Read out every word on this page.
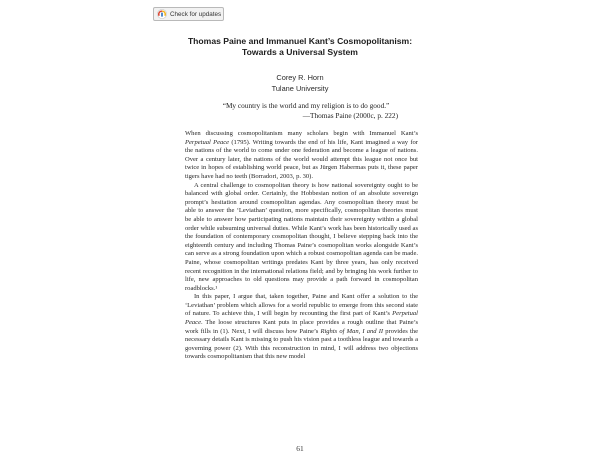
Check for updates
Thomas Paine and Immanuel Kant’s Cosmopolitanism:
Towards a Universal System
Corey R. Horn
Tulane University
“My country is the world and my religion is to do good.”
—Thomas Paine (2000c, p. 222)

When discussing cosmopolitanism many scholars begin with Immanuel Kant’s Perpetual Peace (1795). Writing towards the end of his life, Kant imagined a way for the nations of the world to come under one federation and become a league of nations. Over a century later, the nations of the world would attempt this league not once but twice in hopes of establishing world peace, but as Jürgen Habermas puts it, these paper tigers have had no teeth (Borradori, 2003, p. 30).

A central challenge to cosmopolitan theory is how national sovereignty ought to be balanced with global order. Certainly, the Hobbesian notion of an absolute sovereign prompt’s hesitation around cosmopolitan agendas. Any cosmopolitan theory must be able to answer the ‘Leviathan’ question, more specifically, cosmopolitan theories must be able to answer how participating nations maintain their sovereignty within a global order while subsuming universal duties. While Kant’s work has been historically used as the foundation of contemporary cosmopolitan thought, I believe stepping back into the eighteenth century and including Thomas Paine’s cosmopolitan works alongside Kant’s can serve as a strong foundation upon which a robust cosmopolitan agenda can be made. Paine, whose cosmopolitan writings predates Kant by three years, has only received recent recognition in the international relations field; and by bringing his work further to life, new approaches to old questions may provide a path forward in cosmopolitan roadblocks.¹

In this paper, I argue that, taken together, Paine and Kant offer a solution to the ‘Leviathan’ problem which allows for a world republic to emerge from this second state of nature. To achieve this, I will begin by recounting the first part of Kant’s Perpetual Peace. The loose structures Kant puts in place provides a rough outline that Paine’s work fills in (1). Next, I will discuss how Paine’s Rights of Man, I and II provides the necessary details Kant is missing to push his vision past a toothless league and towards a governing power (2). With this reconstruction in mind, I will address two objections towards cosmopolitanism that this new model

61
